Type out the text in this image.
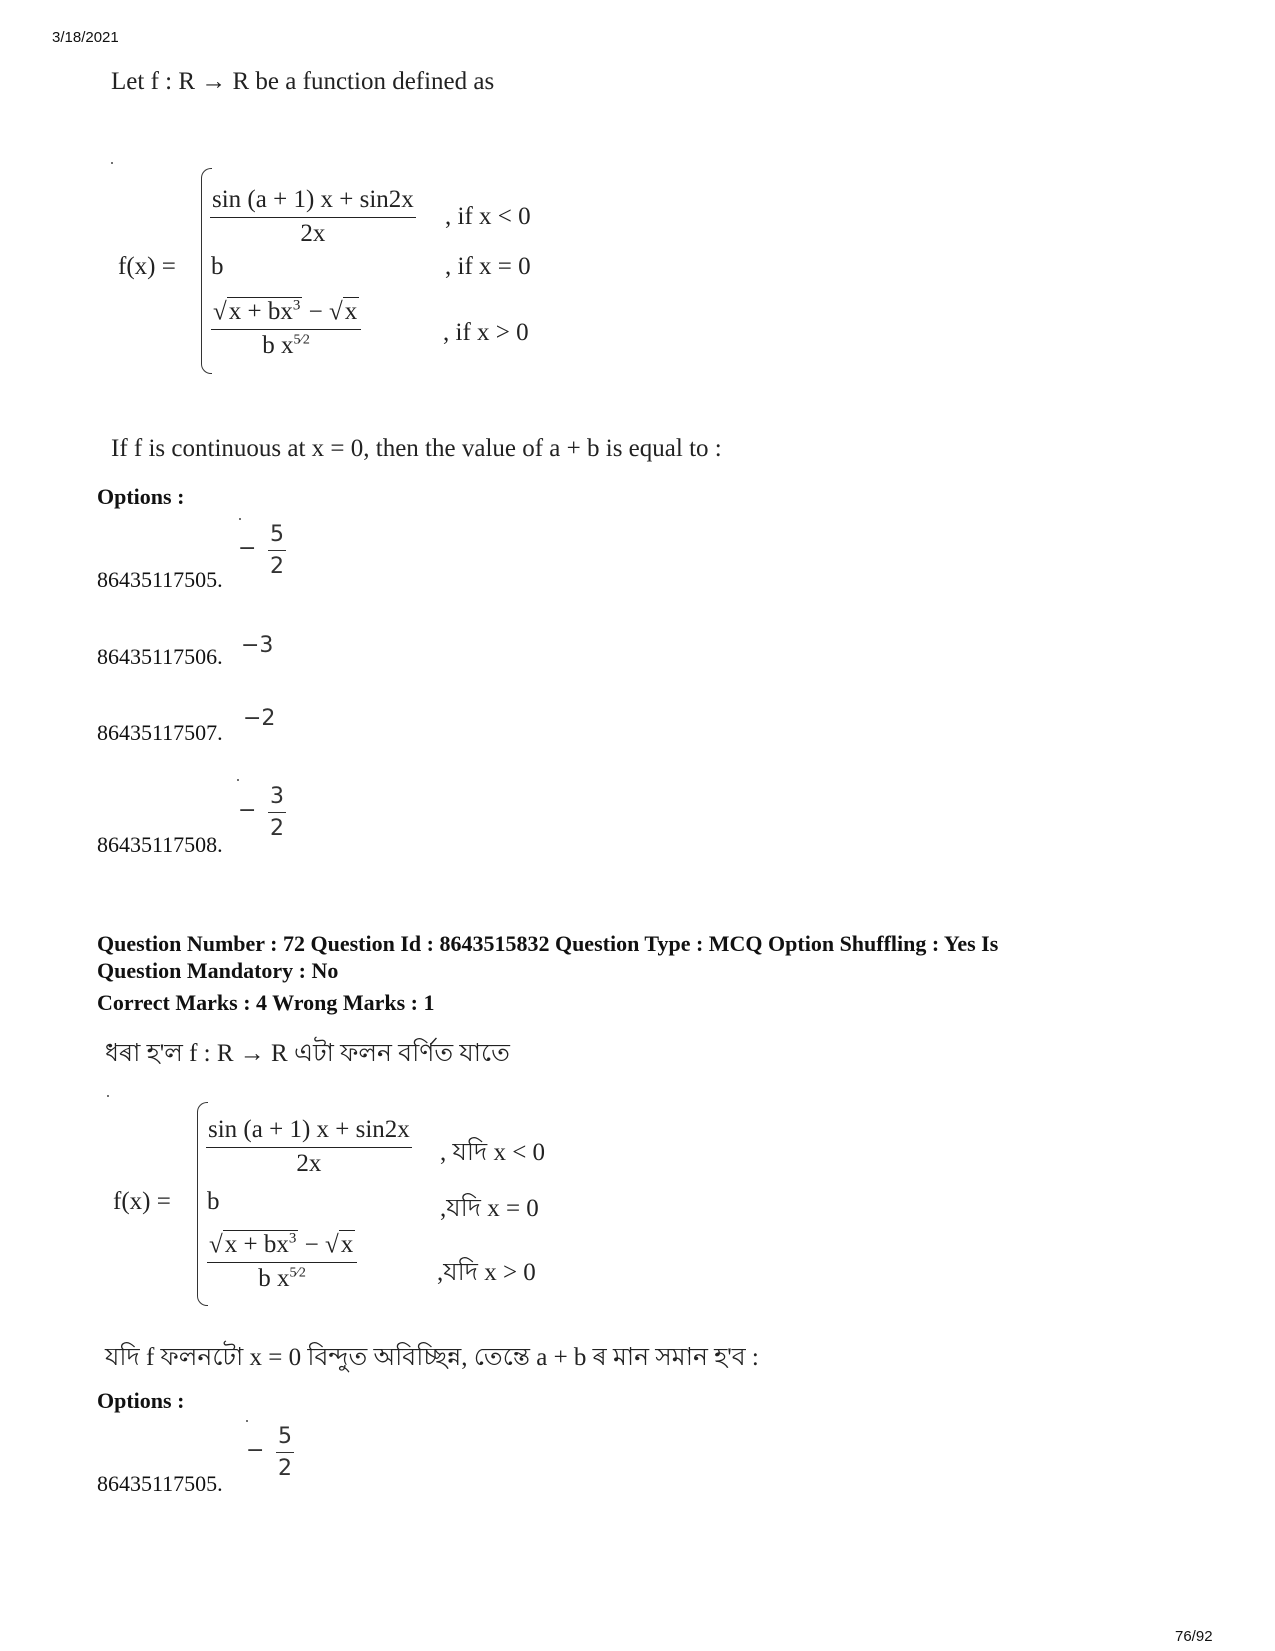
3/18/2021
76/92
Let f : R → R be a function defined as
f(x) =
$\frac{\sin (a + 1) x + \sin 2x}{2x}$ , if x < 0
b	, if x = 0
$\frac{√x + bx^3 - √x}{b x^{5⁄2}}$	, if x > 0
If f is continuous at x = 0, then the value of a + b is equal to :
Options :
86435117505.
−
5
2
86435117506. −3
86435117507.
−2
86435117508.
−
3
2
Question Number : 72 Question Id : 8643515832 Question Type : MCQ Option Shuffling : Yes Is
Question Mandatory : No
Correct Marks : 4 Wrong Marks : 1
ধৰা হ'ল f : R → R এটা ফলন বৰ্ণিত যাতে
f(x) =
$\frac{\sin (a + 1) x + \sin 2x}{2x}$ , যদি x < 0
b	,যদি x = 0
$\frac{√x + bx^3 - √x}{b x^{5⁄2}}$	,যদি x > 0
যদি f ফলনটো x = 0 বিন্দুত অবিচ্ছিন্ন, তেন্তে a + b ৰ মান সমান হ'ব :
Options :
86435117505.
−
5
2
